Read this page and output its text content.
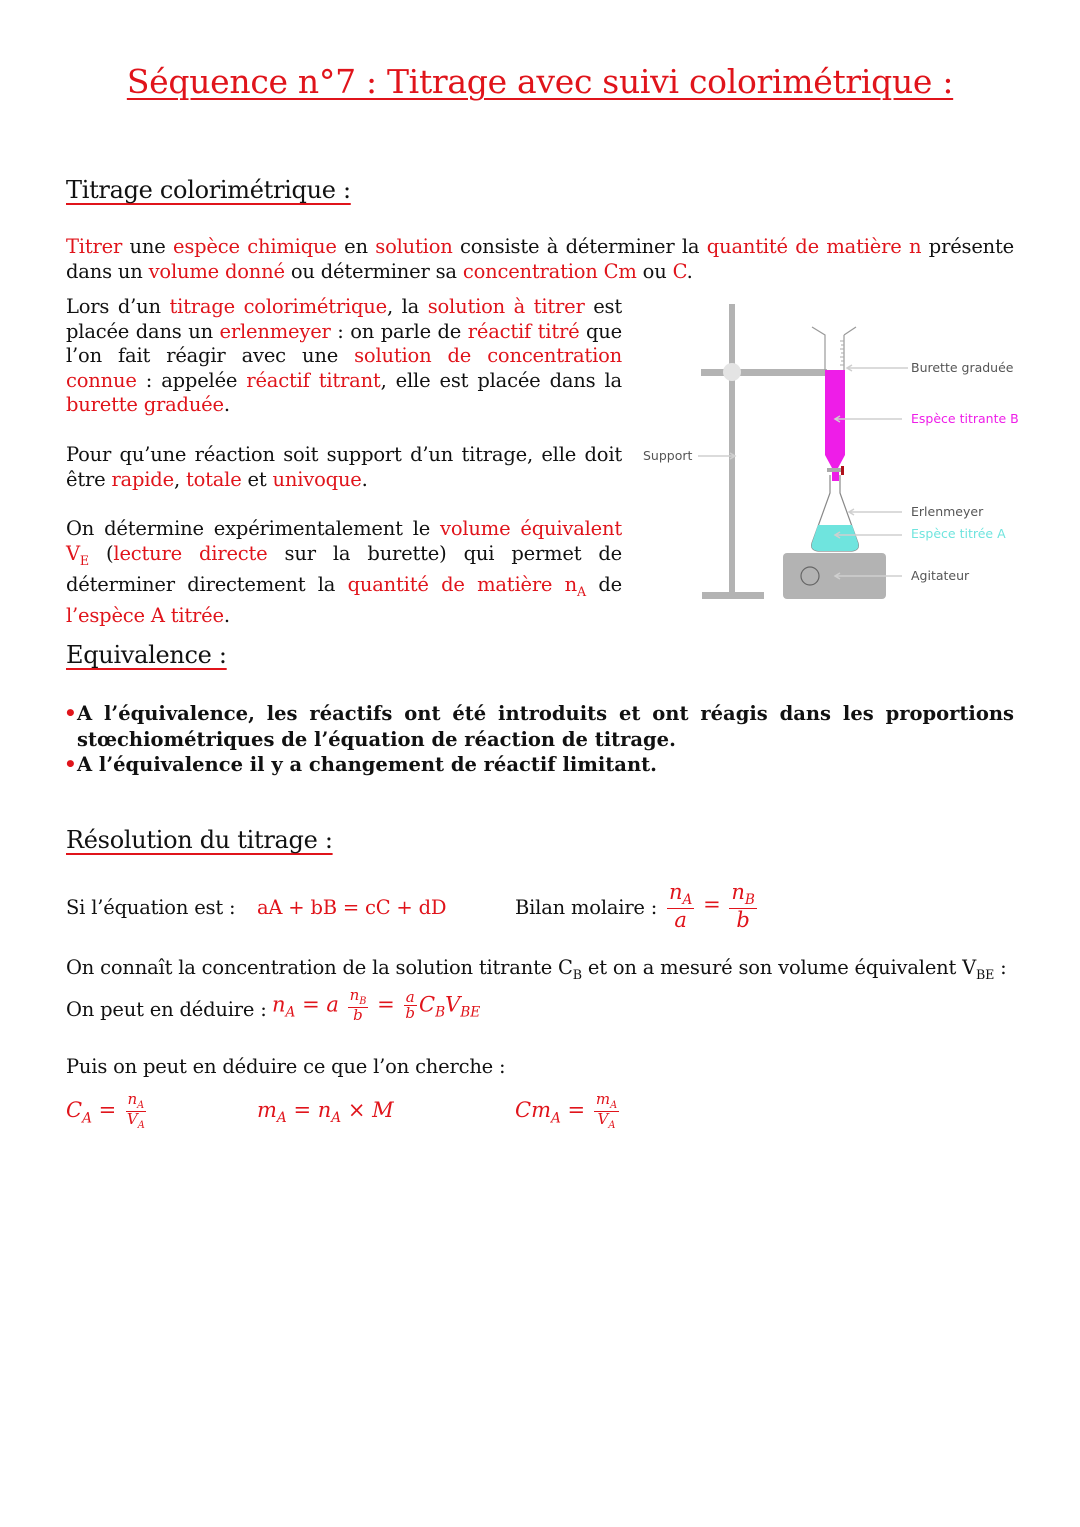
Séquence n°7 : Titrage avec suivi colorimétrique :
Titrage colorimétrique :
Titrer une espèce chimique en solution consiste à déterminer la quantité de matière n présente dans un volume donné ou déterminer sa concentration Cm ou C.
Lors d’un titrage colorimétrique, la solution à titrer est placée dans un erlenmeyer : on parle de réactif titré que l’on fait réagir avec une solution de concentration connue : appelée réactif titrant, elle est placée dans la burette graduée.
Pour qu’une réaction soit support d’un titrage, elle doit être rapide, totale et univoque.
On détermine expérimentalement le volume équivalent $V_E$ (lecture directe sur la burette) qui permet de déterminer directement la quantité de matière $n_A$ de l’espèce A titrée.
Support
Burette graduée
Espèce titrante B
Erlenmeyer
Espèce titrée A
Agitateur
Equivalence :
• A l’équivalence, les réactifs ont été introduits et ont réagis dans les proportions stœchiométriques de l’équation de réaction de titrage.
• A l’équivalence il y a changement de réactif limitant.
Résolution du titrage :
Si l’équation est : aA + bB = cC + dD	Bilan molaire : $\frac{n_A}{a} = \frac{n_B}{b}$
On connaît la concentration de la solution titrante $C_B$ et on a mesuré son volume équivalent $V_{BE}$ :
On peut en déduire : $n_A = a \frac{n_B}{b} = \frac{a}{b} C_BV_{BE}$
Puis on peut en déduire ce que l’on cherche :
$C_A = \frac{n_A}{V_A}$	$m_A = n_A \times M$	$Cm_A = \frac{m_A}{V_A}$
